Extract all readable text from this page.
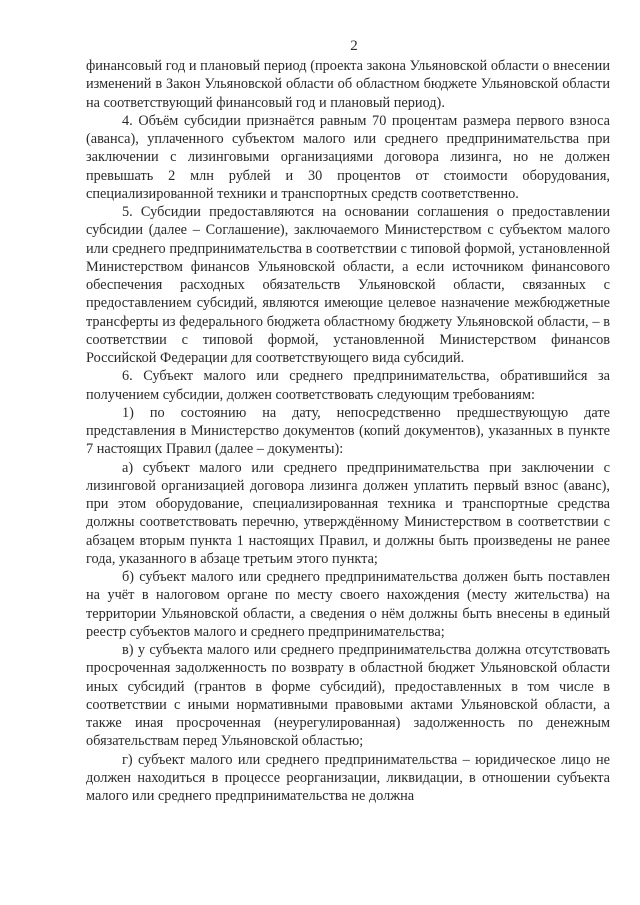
2

финансовый год и плановый период (проекта закона Ульяновской области о внесении изменений в Закон Ульяновской области об областном бюджете Ульяновской области на соответствующий финансовый год и плановый период).

4. Объём субсидии признаётся равным 70 процентам размера первого взноса (аванса), уплаченного субъектом малого или среднего предпринимательства при заключении с лизинговыми организациями договора лизинга, но не должен превышать 2 млн рублей и 30 процентов от стоимости оборудования, специализированной техники и транспортных средств соответственно.

5. Субсидии предоставляются на основании соглашения о предоставлении субсидии (далее – Соглашение), заключаемого Министерством с субъектом малого или среднего предпринимательства в соответствии с типовой формой, установленной Министерством финансов Ульяновской области, а если источником финансового обеспечения расходных обязательств Ульяновской области, связанных с предоставлением субсидий, являются имеющие целевое назначение межбюджетные трансферты из федерального бюджета областному бюджету Ульяновской области, – в соответствии с типовой формой, установленной Министерством финансов Российской Федерации для соответствующего вида субсидий.

6. Субъект малого или среднего предпринимательства, обратившийся за получением субсидии, должен соответствовать следующим требованиям:

1) по состоянию на дату, непосредственно предшествующую дате представления в Министерство документов (копий документов), указанных в пункте 7 настоящих Правил (далее – документы):

а) субъект малого или среднего предпринимательства при заключении с лизинговой организацией договора лизинга должен уплатить первый взнос (аванс), при этом оборудование, специализированная техника и транспортные средства должны соответствовать перечню, утверждённому Министерством в соответствии с абзацем вторым пункта 1 настоящих Правил, и должны быть произведены не ранее года, указанного в абзаце третьим этого пункта;

б) субъект малого или среднего предпринимательства должен быть поставлен на учёт в налоговом органе по месту своего нахождения (месту жительства) на территории Ульяновской области, а сведения о нём должны быть внесены в единый реестр субъектов малого и среднего предпринимательства;

в) у субъекта малого или среднего предпринимательства должна отсутствовать просроченная задолженность по возврату в областной бюджет Ульяновской области иных субсидий (грантов в форме субсидий), предоставленных в том числе в соответствии с иными нормативными правовыми актами Ульяновской области, а также иная просроченная (неурегулированная) задолженность по денежным обязательствам перед Ульяновской областью;

г) субъект малого или среднего предпринимательства – юридическое лицо не должен находиться в процессе реорганизации, ликвидации, в отношении субъекта малого или среднего предпринимательства не должна
